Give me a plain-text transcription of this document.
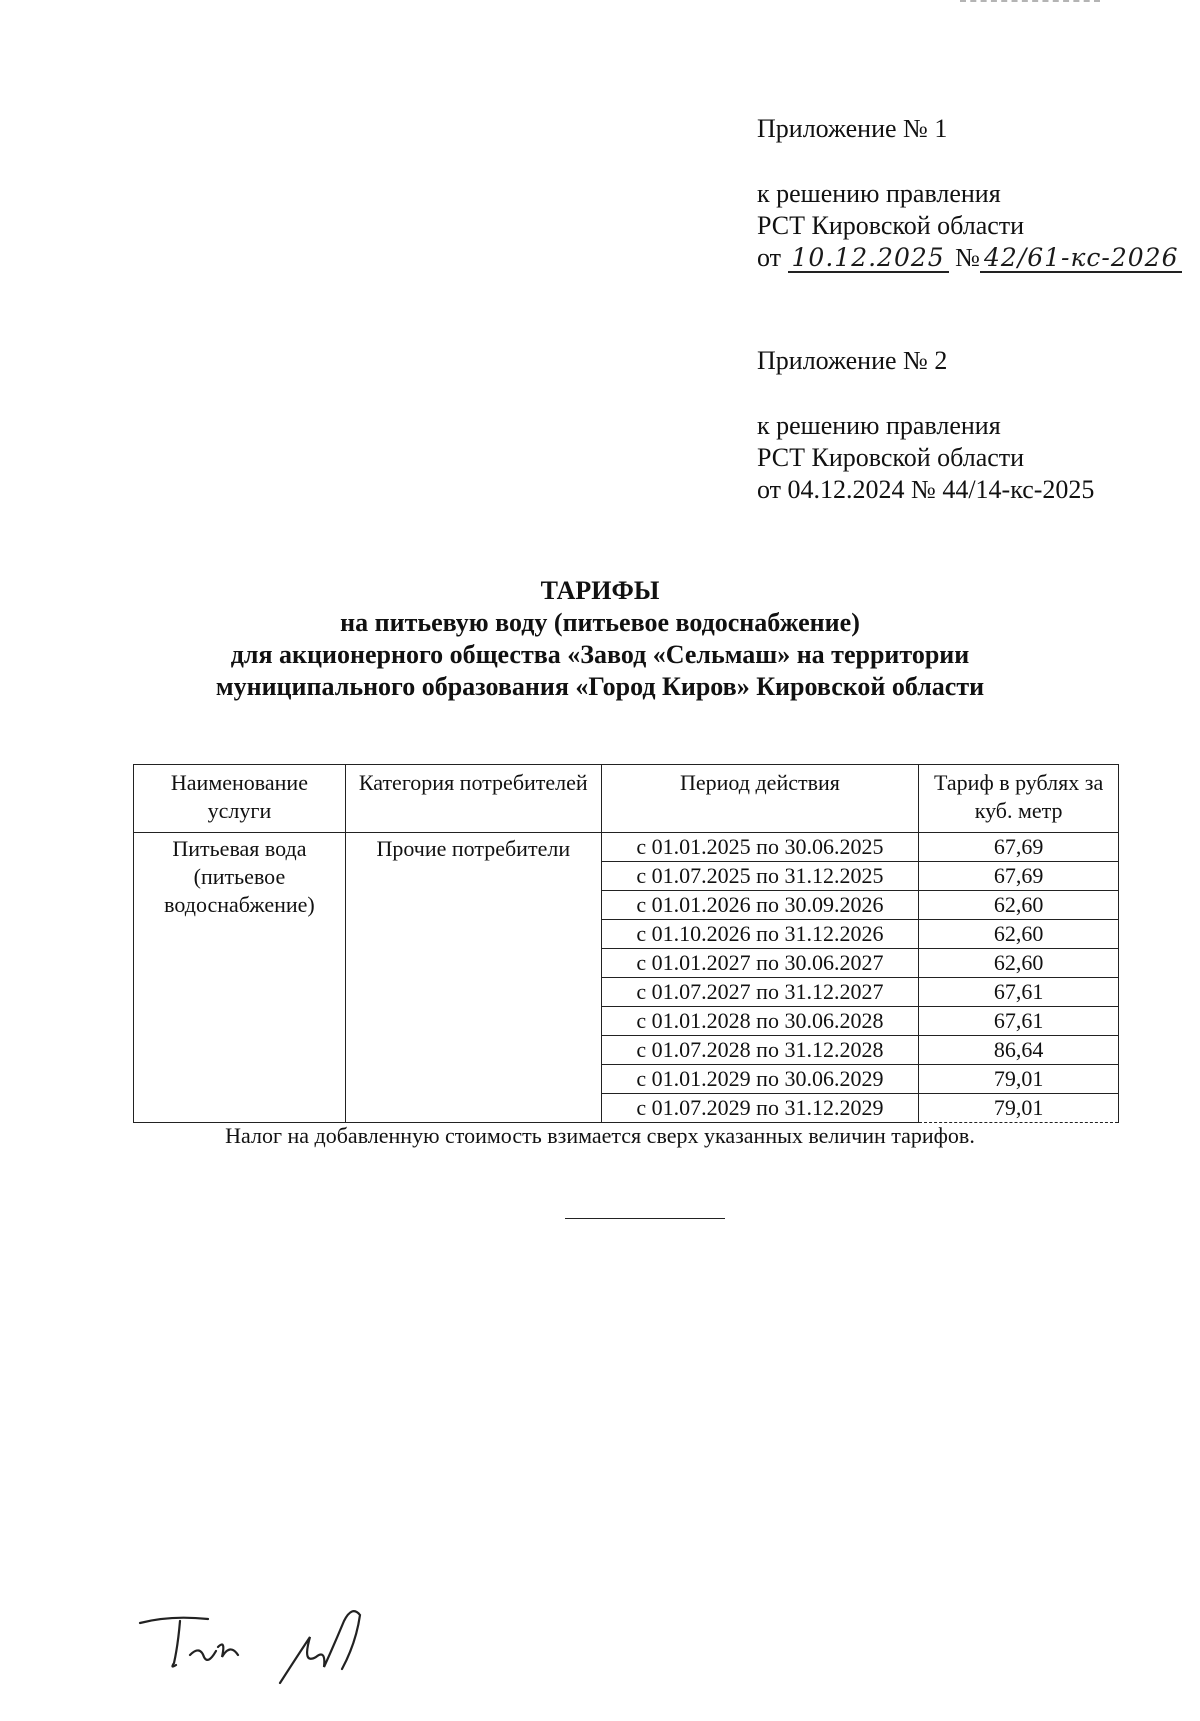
Приложение № 1
к решению правления
РСТ Кировской области
от 10.12.2025 № 42/61-кс-2026
Приложение № 2
к решению правления
РСТ Кировской области
от 04.12.2024 № 44/14-кс-2025
ТАРИФЫ
на питьевую воду (питьевое водоснабжение)
для акционерного общества «Завод «Сельмаш» на территории
муниципального образования «Город Киров» Кировской области
Наименование услуги	Категория потребителей	Период действия	Тариф в рублях за куб. метр
Питьевая вода (питьевое водоснабжение)	Прочие потребители	с 01.01.2025 по 30.06.2025	67,69
		с 01.07.2025 по 31.12.2025	67,69
		с 01.01.2026 по 30.09.2026	62,60
		с 01.10.2026 по 31.12.2026	62,60
		с 01.01.2027 по 30.06.2027	62,60
		с 01.07.2027 по 31.12.2027	67,61
		с 01.01.2028 по 30.06.2028	67,61
		с 01.07.2028 по 31.12.2028	86,64
		с 01.01.2029 по 30.06.2029	79,01
		с 01.07.2029 по 31.12.2029	79,01
Налог на добавленную стоимость взимается сверх указанных величин тарифов.
